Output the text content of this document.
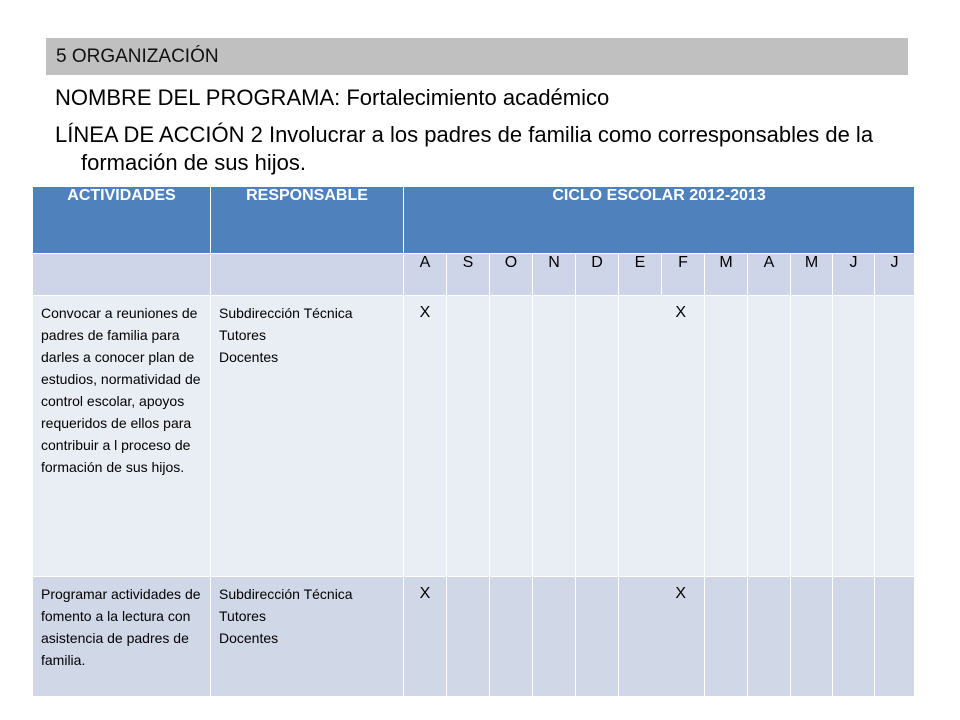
5 ORGANIZACIÓN
NOMBRE DEL PROGRAMA: Fortalecimiento académico
LÍNEA DE ACCIÓN 2 Involucrar a los padres de familia como corresponsables de la formación de sus hijos.
ACTIVIDADES	RESPONSABLE	CICLO ESCOLAR 2012-2013											
		A	S	O	N	D	E	F	M	A	M	J	J
Convocar a reuniones de padres de familia para darles a conocer plan de estudios, normatividad de control escolar, apoyos requeridos de ellos para contribuir a l proceso de formación de sus hijos.	Subdirección Técnica
Tutores
Docentes	X					X						
Programar actividades de fomento a la lectura con asistencia de padres de familia.	Subdirección Técnica
Tutores
Docentes	X					X						
